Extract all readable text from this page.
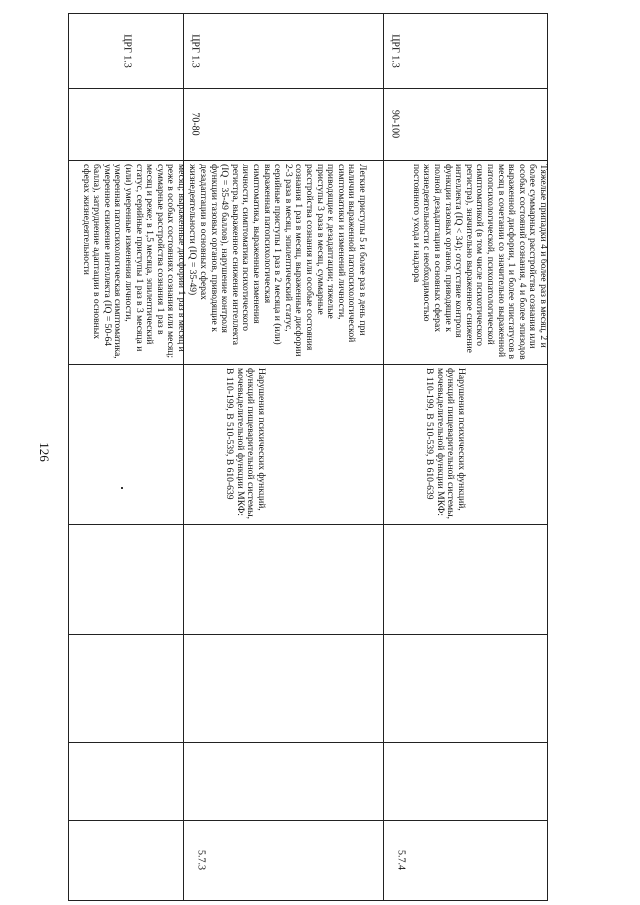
126
месяц; выраженные дисфории 1 раз в месяц и реже в особых состояниях сознания или месяц; суммарные расстройства сознания 1 раз в месяц и реже; в 1,5 месяца, эпилептический статус, серийные приступы 1 раз в 3 месяца и (или) умеренные изменения личности, умеренная патопсихологическая симптоматика, умеренное снижение интеллекта (IQ = 50-64 балла), затруднение адаптации в основных сферах жизнедеятельности
ЦРГ 1.3
5.7.3
Нарушения психических функций, функций пищеварительной системы, мочевыделительной функции МКФ: В 110-199, В 510-539, В 610-639
Легкие приступы 5 и более раз в день при наличии выраженной патопсихологической симптоматики и изменений личности, приводящие к дезадаптации; тяжелые приступы 3 раза в месяц, суммарные расстройства сознания или особые состояния сознания 1 раз в месяц, выраженные дисфории 2-3 раза в месяц, эпилептический статус, серийные приступы 1 раз в 2 месяца и (или) выраженная патопсихологическая симптоматика, выраженные изменения личности, симптоматика психотического регистра, выраженное снижение интеллекта (IQ = 35-49 баллов), нарушение контроля функции тазовых органов, приводящие к дезадаптации в основных сферах жизнедеятельности (IQ = 35-49)
70-80
ЦРГ 1.3
5.7.4
Нарушения психических функций, функций пищеварительной системы, мочевыделительной функции МКФ: В 110-199, В 510-539, В 610-639
Тяжелые припадки 4 и более раз в месяц, 2 и более суммарных расстройства сознания или особых состояний сознания, 4 и более эпизодов выраженной дисфории, 1 и более эпистатусов в месяц в сочетании со значительно выраженной патопсихологической, психопатологической симптоматикой (в том числе психотического регистра), значительно выраженное снижение интеллекта (IQ < 34); отсутствие контроля функции тазовых органов, приводящие к полной дезадаптации в основных сферах жизнедеятельности с необходимостью постоянного ухода и надзора
90-100
ЦРГ 1.3
